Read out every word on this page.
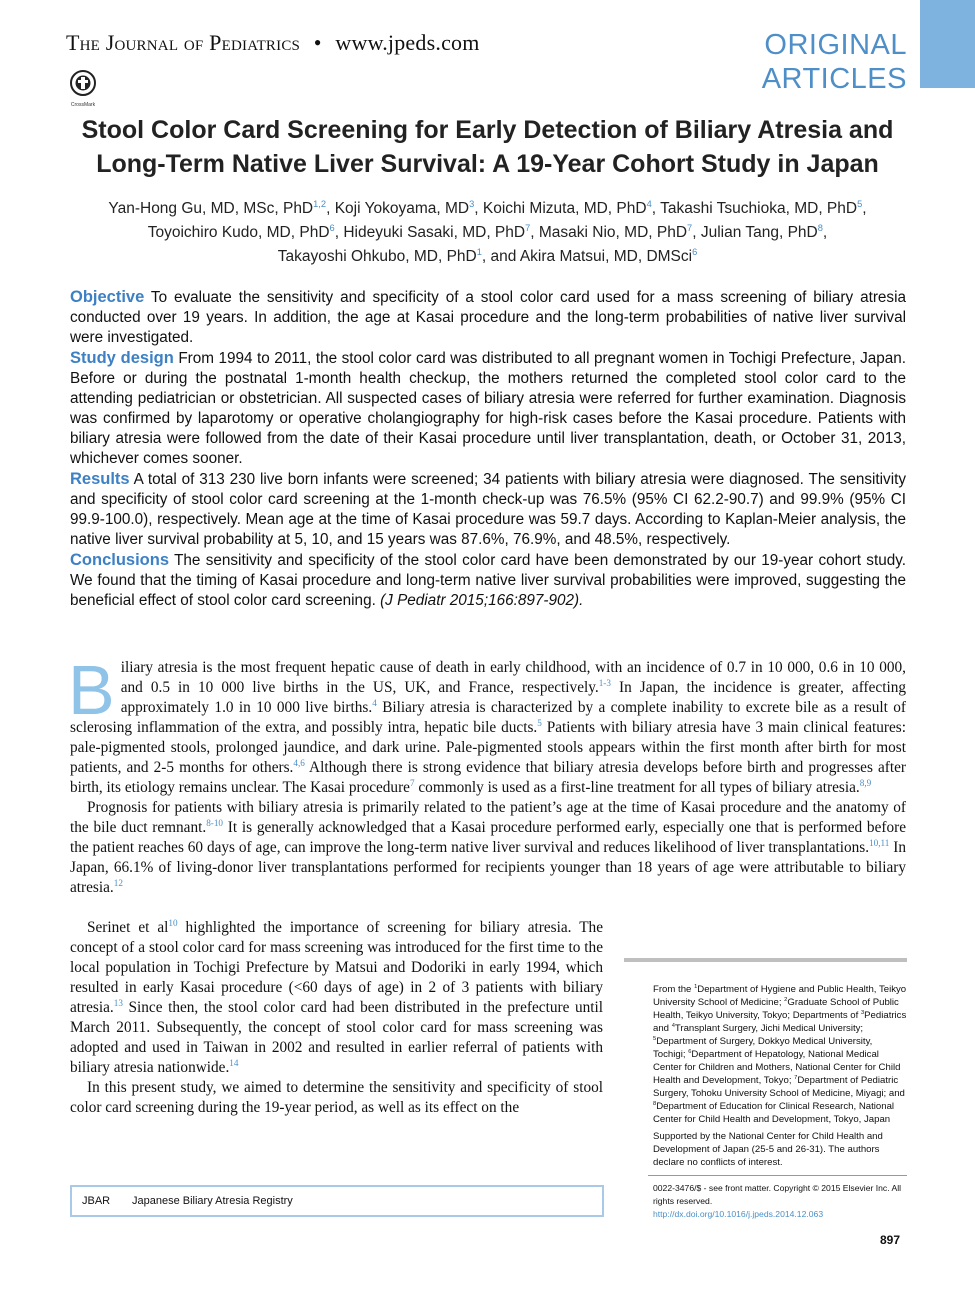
The Journal of Pediatrics • www.jpeds.com	ORIGINAL
ARTICLES
CrossMark
Stool Color Card Screening for Early Detection of Biliary Atresia and
Long-Term Native Liver Survival: A 19-Year Cohort Study in Japan
Yan-Hong Gu, MD, MSc, PhD$^{1,2}$, Koji Yokoyama, $MD^3$, Koichi Mizuta, MD, PhD$^4$, Takashi Tsuchioka, MD, PhD$^5$,
Toyoichiro Kudo, MD, PhD$^6$, Hideyuki Sasaki, MD, PhD$^7$, Masaki Nio, MD, PhD$^7$, Julian Tang, PhD$^8$,
Takayoshi Ohkubo, MD, PhD$^1$, and Akira Matsui, MD, DMSci$^6$

Objective To evaluate the sensitivity and specificity of a stool color card used for a mass screening of biliary atresia conducted over 19 years. In addition, the age at Kasai procedure and the long-term probabilities of native liver survival were investigated.

Study design From 1994 to 2011, the stool color card was distributed to all pregnant women in Tochigi Prefecture, Japan. Before or during the postnatal 1-month health checkup, the mothers returned the completed stool color card to the attending pediatrician or obstetrician. All suspected cases of biliary atresia were referred for further examination. Diagnosis was confirmed by laparotomy or operative cholangiography for high-risk cases before the Kasai procedure. Patients with biliary atresia were followed from the date of their Kasai procedure until liver transplantation, death, or October 31, 2013, whichever comes sooner.

Results A total of 313 230 live born infants were screened; 34 patients with biliary atresia were diagnosed. The sensitivity and specificity of stool color card screening at the 1-month check-up was 76.5% (95% CI 62.2-90.7) and 99.9% (95% CI 99.9-100.0), respectively. Mean age at the time of Kasai procedure was 59.7 days. According to Kaplan-Meier analysis, the native liver survival probability at 5, 10, and 15 years was 87.6%, 76.9%, and 48.5%, respectively.

Conclusions The sensitivity and specificity of the stool color card have been demonstrated by our 19-year cohort study. We found that the timing of Kasai procedure and long-term native liver survival probabilities were improved, suggesting the beneficial effect of stool color card screening. (J Pediatr 2015;166:897-902).

Biliary atresia is the most frequent hepatic cause of death in early childhood, with an incidence of 0.7 in 10 000, 0.6 in 10 000, and 0.5 in 10 000 live births in the US, UK, and France, respectively.$^{1-3}$ In Japan, the incidence is greater, affecting approximately 1.0 in 10 000 live births.$^4$ Biliary atresia is characterized by a complete inability to excrete bile as a result of sclerosing inflammation of the extra, and possibly intra, hepatic bile ducts.$^5$ Patients with biliary atresia have 3 main clinical features: pale-pigmented stools, prolonged jaundice, and dark urine. Pale-pigmented stools appears within the first month after birth for most patients, and 2-5 months for others.$^{4,6}$ Although there is strong evidence that biliary atresia develops before birth and progresses after birth, its etiology remains unclear. The Kasai procedure$^7$ commonly is used as a first-line treatment for all types of biliary atresia.$^{8,9}$

Prognosis for patients with biliary atresia is primarily related to the patient’s age at the time of Kasai procedure and the anatomy of the bile duct remnant.$^{8-10}$ It is generally acknowledged that a Kasai procedure performed early, especially one that is performed before the patient reaches 60 days of age, can improve the long-term native liver survival and reduces likelihood of liver transplantations.$^{10,11}$ In Japan, 66.1% of living-donor liver transplantations performed for recipients younger than 18 years of age were attributable to biliary atresia.$^{12}$

Serinet et al$^{10}$ highlighted the importance of screening for biliary atresia. The concept of a stool color card for mass screening was introduced for the first time to the local population in Tochigi Prefecture by Matsui and Dodoriki in early 1994, which resulted in early Kasai procedure (<60 days of age) in 2 of 3 patients with biliary atresia.$^{13}$ Since then, the stool color card had been distributed in the prefecture until March 2011. Subsequently, the concept of stool color card for mass screening was adopted and used in Taiwan in 2002 and resulted in earlier referral of patients with biliary atresia nationwide.$^{14}$

In this present study, we aimed to determine the sensitivity and specificity of stool color card screening during the 19-year period, as well as its effect on the

From the $^1$Department of Hygiene and Public Health, Teikyo University School of Medicine; $^2$Graduate School of Public Health, Teikyo University, Tokyo; Departments of $^3$Pediatrics and $^4$Transplant Surgery, Jichi Medical University; $^5$Department of Surgery, Dokkyo Medical University, Tochigi; $^6$Department of Hepatology, National Medical Center for Children and Mothers, National Center for Child Health and Development, Tokyo; $^7$Department of Pediatric Surgery, Tohoku University School of Medicine, Miyagi; and $^8$Department of Education for Clinical Research, National Center for Child Health and Development, Tokyo, Japan

Supported by the National Center for Child Health and Development of Japan (25-5 and 26-31). The authors declare no conflicts of interest.

0022-3476/$ - see front matter. Copyright © 2015 Elsevier Inc. All rights reserved.
http://dx.doi.org/10.1016/j.jpeds.2014.12.063

JBAR Japanese Biliary Atresia Registry
897
